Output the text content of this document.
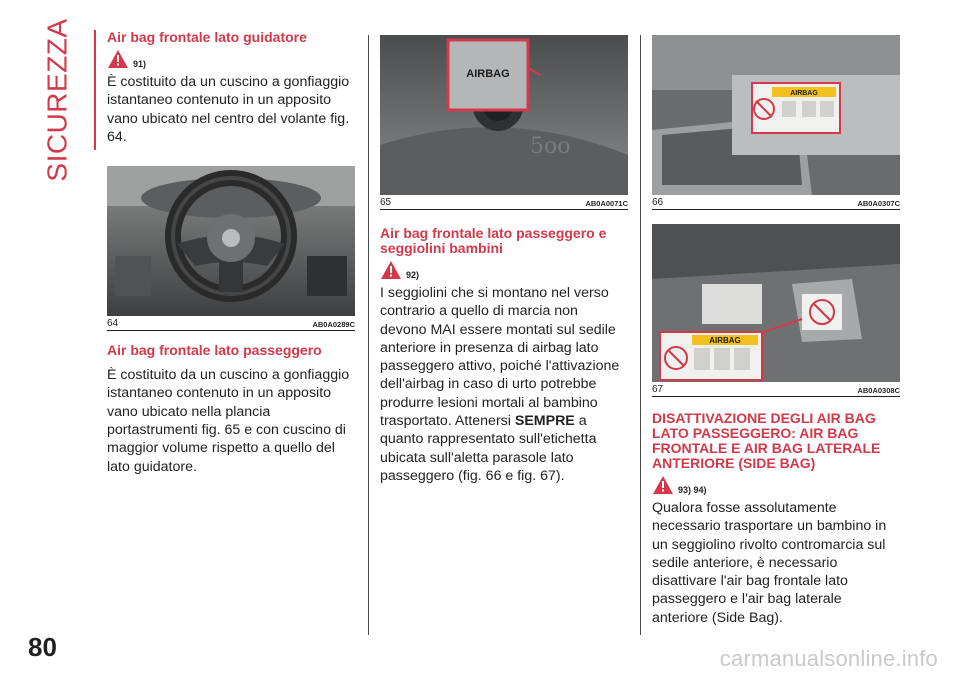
SICUREZZA
80
Air bag frontale lato guidatore
91)

È costituito da un cuscino a gonfiaggio istantaneo contenuto in un apposito vano ubicato nel centro del volante fig. 64.

64	AB0A0289C
Air bag frontale lato passeggero

È costituito da un cuscino a gonfiaggio istantaneo contenuto in un apposito vano ubicato nella plancia portastrumenti fig. 65 e con cuscino di maggior volume rispetto a quello del lato guidatore.

5oo
AIRBAG
65	AB0A0071C
Air bag frontale lato passeggero e seggiolini bambini
92)

I seggiolini che si montano nel verso contrario a quello di marcia non devono MAI essere montati sul sedile anteriore in presenza di airbag lato passeggero attivo, poiché l'attivazione dell'airbag in caso di urto potrebbe produrre lesioni mortali al bambino trasportato. Attenersi SEMPRE a quanto rappresentato sull'etichetta ubicata sull'aletta parasole lato passeggero (fig. 66 e fig. 67).

AIRBAG
66	AB0A0307C
AIRBAG
67	AB0A0308C
DISATTIVAZIONE DEGLI AIR BAG LATO PASSEGGERO: AIR BAG FRONTALE E AIR BAG LATERALE ANTERIORE (SIDE BAG)
93) 94)

Qualora fosse assolutamente necessario trasportare un bambino in un seggiolino rivolto contromarcia sul sedile anteriore, è necessario disattivare l'air bag frontale lato passeggero e l'air bag laterale anteriore (Side Bag).

carmanualsonline.info
